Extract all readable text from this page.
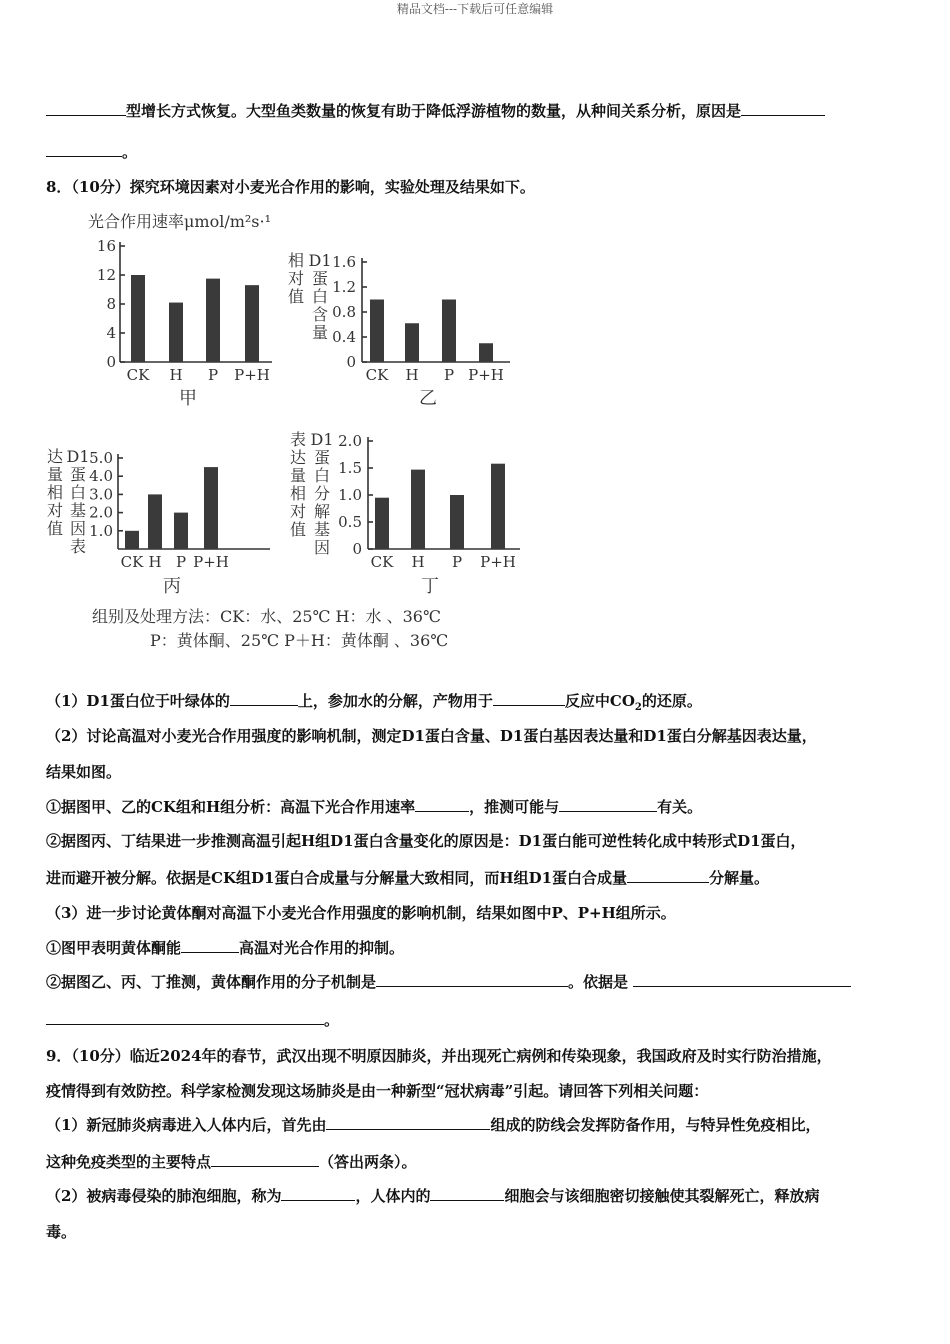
精品文档---下载后可任意编辑
型增长方式恢复。大型鱼类数量的恢复有助于降低浮游植物的数量，从种间关系分析，原因是
。
8．（10分）探究环境因素对小麦光合作用的影响，实验处理及结果如下。
0
4
8
12
16
CK H P P+H
甲
光合作用速率μmol/m²s·¹
0
0.4
0.8
1.2
1.6
CK H P P+H
乙
相
对
值
D1
蛋
白
含
量
1.0
2.0
3.0
4.0
5.0
CK H P P+H
丙
达
量
相
对
值
D1
蛋
白
基
因
表	0
0.5
1.0
1.5
2.0
CK H P P+H
丁
表
达
量
相
对
值
D1
蛋
白
分
解
基
因
组别及处理方法：CK：水、25℃ H：水 、36℃
P：黄体酮、25℃ P＋H：黄体酮 、36℃
（1）D1蛋白位于叶绿体的	上，参加水的分解，产物用于	反应中$CO_2$的还原。
（2）讨论高温对小麦光合作用强度的影响机制，测定D1蛋白含量、D1蛋白基因表达量和D1蛋白分解基因表达量，
结果如图。
①据图甲、乙的CK组和H组分析：高温下光合作用速率	，推测可能与	有关。
②据图丙、丁结果进一步推测高温引起H组D1蛋白含量变化的原因是：D1蛋白能可逆性转化成中转形式D1蛋白，
进而避开被分解。依据是CK组D1蛋白合成量与分解量大致相同，而H组D1蛋白合成量	分解量。
（3）进一步讨论黄体酮对高温下小麦光合作用强度的影响机制，结果如图中P、P+H组所示。
①图甲表明黄体酮能	高温对光合作用的抑制。
②据图乙、丙、丁推测，黄体酮作用的分子机制是	。依据是
。
9．（10分）临近2024年的春节，武汉出现不明原因肺炎，并出现死亡病例和传染现象，我国政府及时实行防治措施，
疫情得到有效防控。科学家检测发现这场肺炎是由一种新型“冠状病毒”引起。请回答下列相关问题：
（1）新冠肺炎病毒进入人体内后，首先由	组成的防线会发挥防备作用，与特异性免疫相比，
这种免疫类型的主要特点	（答出两条）。
（2）被病毒侵染的肺泡细胞，称为	，人体内的	细胞会与该细胞密切接触使其裂解死亡，释放病
毒。
